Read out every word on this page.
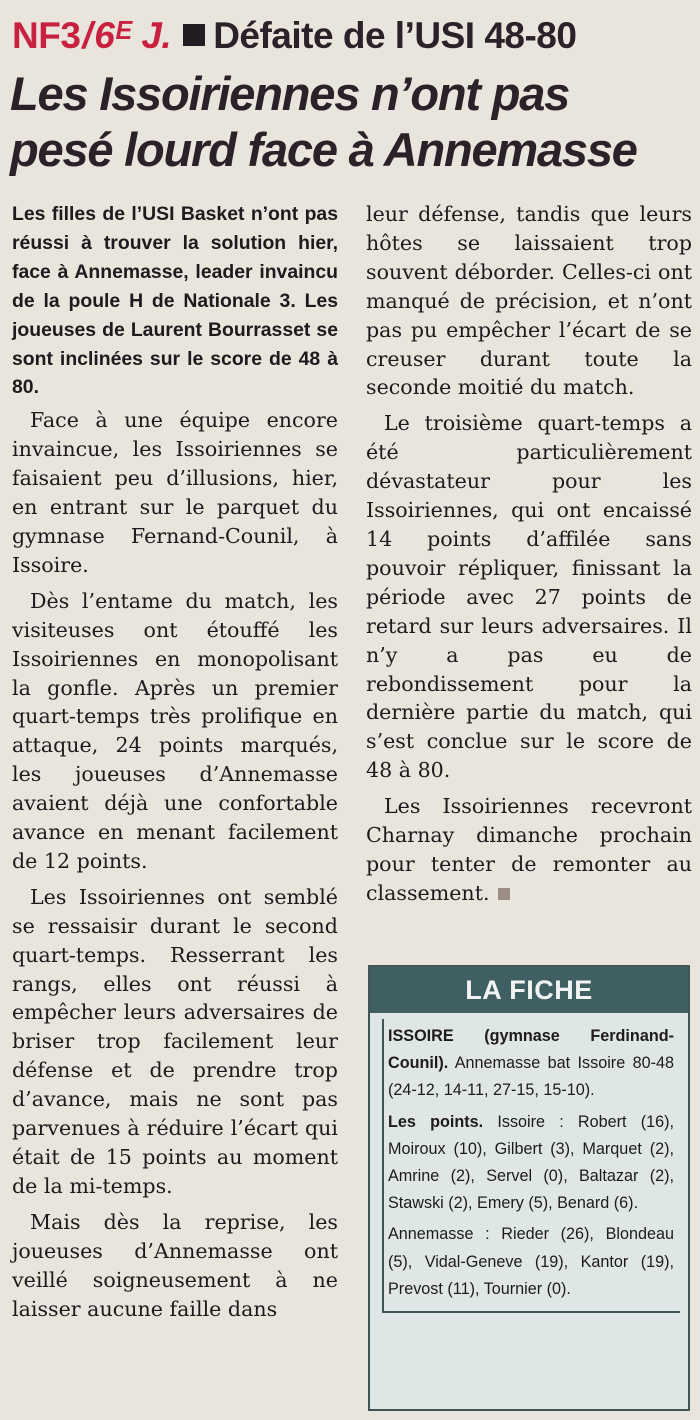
NF3/6ᴱ J. Défaite de l’USI 48-80
Les Issoiriennes n’ont pas
pesé lourd face à Annemasse
Les filles de l’USI Basket n’ont pas réussi à trouver la solution hier, face à Annemasse, leader invaincu de la poule H de Nationale 3. Les joueuses de Laurent Bourrasset se sont inclinées sur le score de 48 à 80.

Face à une équipe encore invaincue, les Issoiriennes se faisaient peu d’illusions, hier, en entrant sur le parquet du gymnase Fernand-Counil, à Issoire.

Dès l’entame du match, les visiteuses ont étouffé les Issoiriennes en monopolisant la gonfle. Après un premier quart-temps très prolifique en attaque, 24 points marqués, les joueuses d’Annemasse avaient déjà une confortable avance en menant facilement de 12 points.

Les Issoiriennes ont semblé se ressaisir durant le second quart-temps. Resserrant les rangs, elles ont réussi à empêcher leurs adversaires de briser trop facilement leur défense et de prendre trop d’avance, mais ne sont pas parvenues à réduire l’écart qui était de 15 points au moment de la mi-temps.

Mais dès la reprise, les joueuses d’Annemasse ont veillé soigneusement à ne laisser aucune faille dans

leur défense, tandis que leurs hôtes se laissaient trop souvent déborder. Celles-ci ont manqué de précision, et n’ont pas pu empêcher l’écart de se creuser durant toute la seconde moitié du match.

Le troisième quart-temps a été particulièrement dévastateur pour les Issoiriennes, qui ont encaissé 14 points d’affilée sans pouvoir répliquer, finissant la période avec 27 points de retard sur leurs adversaires. Il n’y a pas eu de rebondissement pour la dernière partie du match, qui s’est conclue sur le score de 48 à 80.

Les Issoiriennes recevront Charnay dimanche prochain pour tenter de remonter au classement.

LA FICHE

ISSOIRE (gymnase Ferdinand-Counil). Annemasse bat Issoire 80-48 (24-12, 14-11, 27-15, 15-10).

Les points. Issoire : Robert (16), Moiroux (10), Gilbert (3), Marquet (2), Amrine (2), Servel (0), Baltazar (2), Stawski (2), Emery (5), Benard (6).

Annemasse : Rieder (26), Blondeau (5), Vidal-Geneve (19), Kantor (19), Prevost (11), Tournier (0).
